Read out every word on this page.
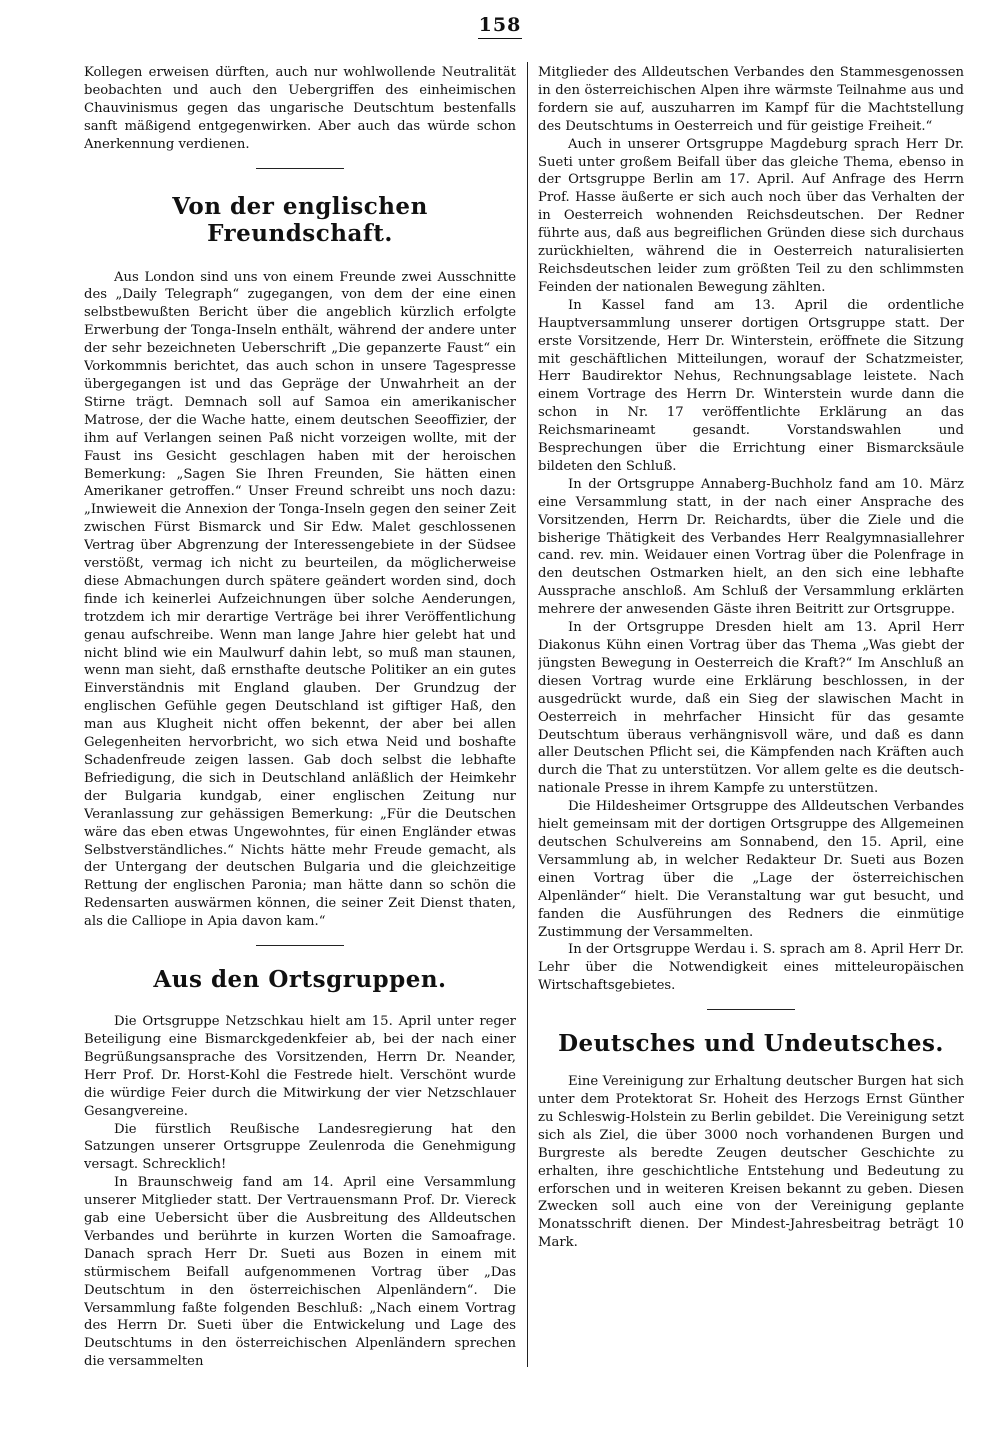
158

Kollegen erweisen dürften, auch nur wohlwollende Neutralität beobachten und auch den Uebergriffen des einheimischen Chauvinismus gegen das ungarische Deutschtum bestenfalls sanft mäßigend entgegenwirken. Aber auch das würde schon Anerkennung verdienen.

Von der englischen Freundschaft.

Aus London sind uns von einem Freunde zwei Ausschnitte des „Daily Telegraph“ zugegangen, von dem der eine einen selbstbewußten Bericht über die angeblich kürzlich erfolgte Erwerbung der Tonga-Inseln enthält, während der andere unter der sehr bezeichneten Ueberschrift „Die gepanzerte Faust“ ein Vorkommnis berichtet, das auch schon in unsere Tagespresse übergegangen ist und das Gepräge der Unwahrheit an der Stirne trägt. Demnach soll auf Samoa ein amerikanischer Matrose, der die Wache hatte, einem deutschen Seeoffizier, der ihm auf Verlangen seinen Paß nicht vorzeigen wollte, mit der Faust ins Gesicht geschlagen haben mit der heroischen Bemerkung: „Sagen Sie Ihren Freunden, Sie hätten einen Amerikaner getroffen.“ Unser Freund schreibt uns noch dazu: „Inwieweit die Annexion der Tonga-Inseln gegen den seiner Zeit zwischen Fürst Bismarck und Sir Edw. Malet geschlossenen Vertrag über Abgrenzung der Interessengebiete in der Südsee verstößt, vermag ich nicht zu beurteilen, da möglicherweise diese Abmachungen durch spätere geändert worden sind, doch finde ich keinerlei Aufzeichnungen über solche Aenderungen, trotzdem ich mir derartige Verträge bei ihrer Veröffentlichung genau aufschreibe. Wenn man lange Jahre hier gelebt hat und nicht blind wie ein Maulwurf dahin lebt, so muß man staunen, wenn man sieht, daß ernsthafte deutsche Politiker an ein gutes Einverständnis mit England glauben. Der Grundzug der englischen Gefühle gegen Deutschland ist giftiger Haß, den man aus Klugheit nicht offen bekennt, der aber bei allen Gelegenheiten hervorbricht, wo sich etwa Neid und boshafte Schadenfreude zeigen lassen. Gab doch selbst die lebhafte Befriedigung, die sich in Deutschland anläßlich der Heimkehr der Bulgaria kundgab, einer englischen Zeitung nur Veranlassung zur gehässigen Bemerkung: „Für die Deutschen wäre das eben etwas Ungewohntes, für einen Engländer etwas Selbstverständliches.“ Nichts hätte mehr Freude gemacht, als der Untergang der deutschen Bulgaria und die gleichzeitige Rettung der englischen Paronia; man hätte dann so schön die Redensarten auswärmen können, die seiner Zeit Dienst thaten, als die Calliope in Apia davon kam.“

Aus den Ortsgruppen.

Die Ortsgruppe Netzschkau hielt am 15. April unter reger Beteiligung eine Bismarckgedenkfeier ab, bei der nach einer Begrüßungsansprache des Vorsitzenden, Herrn Dr. Neander, Herr Prof. Dr. Horst-Kohl die Festrede hielt. Verschönt wurde die würdige Feier durch die Mitwirkung der vier Netzschlauer Gesangvereine.

Die fürstlich Reußische Landesregierung hat den Satzungen unserer Ortsgruppe Zeulenroda die Genehmigung versagt. Schrecklich!

In Braunschweig fand am 14. April eine Versammlung unserer Mitglieder statt. Der Vertrauensmann Prof. Dr. Viereck gab eine Uebersicht über die Ausbreitung des Alldeutschen Verbandes und berührte in kurzen Worten die Samoafrage. Danach sprach Herr Dr. Sueti aus Bozen in einem mit stürmischem Beifall aufgenommenen Vortrag über „Das Deutschtum in den österreichischen Alpenländern“. Die Versammlung faßte folgenden Beschluß: „Nach einem Vortrag des Herrn Dr. Sueti über die Entwickelung und Lage des Deutschtums in den österreichischen Alpenländern sprechen die versammelten

Mitglieder des Alldeutschen Verbandes den Stammesgenossen in den österreichischen Alpen ihre wärmste Teilnahme aus und fordern sie auf, auszuharren im Kampf für die Machtstellung des Deutschtums in Oesterreich und für geistige Freiheit.“

Auch in unserer Ortsgruppe Magdeburg sprach Herr Dr. Sueti unter großem Beifall über das gleiche Thema, ebenso in der Ortsgruppe Berlin am 17. April. Auf Anfrage des Herrn Prof. Hasse äußerte er sich auch noch über das Verhalten der in Oesterreich wohnenden Reichsdeutschen. Der Redner führte aus, daß aus begreiflichen Gründen diese sich durchaus zurückhielten, während die in Oesterreich naturalisierten Reichsdeutschen leider zum größten Teil zu den schlimmsten Feinden der nationalen Bewegung zählten.

In Kassel fand am 13. April die ordentliche Hauptversammlung unserer dortigen Ortsgruppe statt. Der erste Vorsitzende, Herr Dr. Winterstein, eröffnete die Sitzung mit geschäftlichen Mitteilungen, worauf der Schatzmeister, Herr Baudirektor Nehus, Rechnungsablage leistete. Nach einem Vortrage des Herrn Dr. Winterstein wurde dann die schon in Nr. 17 veröffentlichte Erklärung an das Reichsmarineamt gesandt. Vorstandswahlen und Besprechungen über die Errichtung einer Bismarcksäule bildeten den Schluß.

In der Ortsgruppe Annaberg-Buchholz fand am 10. März eine Versammlung statt, in der nach einer Ansprache des Vorsitzenden, Herrn Dr. Reichardts, über die Ziele und die bisherige Thätigkeit des Verbandes Herr Realgymnasiallehrer cand. rev. min. Weidauer einen Vortrag über die Polenfrage in den deutschen Ostmarken hielt, an den sich eine lebhafte Aussprache anschloß. Am Schluß der Versammlung erklärten mehrere der anwesenden Gäste ihren Beitritt zur Ortsgruppe.

In der Ortsgruppe Dresden hielt am 13. April Herr Diakonus Kühn einen Vortrag über das Thema „Was giebt der jüngsten Bewegung in Oesterreich die Kraft?“ Im Anschluß an diesen Vortrag wurde eine Erklärung beschlossen, in der ausgedrückt wurde, daß ein Sieg der slawischen Macht in Oesterreich in mehrfacher Hinsicht für das gesamte Deutschtum überaus verhängnisvoll wäre, und daß es dann aller Deutschen Pflicht sei, die Kämpfenden nach Kräften auch durch die That zu unterstützen. Vor allem gelte es die deutsch-nationale Presse in ihrem Kampfe zu unterstützen.

Die Hildesheimer Ortsgruppe des Alldeutschen Verbandes hielt gemeinsam mit der dortigen Ortsgruppe des Allgemeinen deutschen Schulvereins am Sonnabend, den 15. April, eine Versammlung ab, in welcher Redakteur Dr. Sueti aus Bozen einen Vortrag über die „Lage der österreichischen Alpenländer“ hielt. Die Veranstaltung war gut besucht, und fanden die Ausführungen des Redners die einmütige Zustimmung der Versammelten.

In der Ortsgruppe Werdau i. S. sprach am 8. April Herr Dr. Lehr über die Notwendigkeit eines mitteleuropäischen Wirtschaftsgebietes.

Deutsches und Undeutsches.

Eine Vereinigung zur Erhaltung deutscher Burgen hat sich unter dem Protektorat Sr. Hoheit des Herzogs Ernst Günther zu Schleswig-Holstein zu Berlin gebildet. Die Vereinigung setzt sich als Ziel, die über 3000 noch vorhandenen Burgen und Burgreste als beredte Zeugen deutscher Geschichte zu erhalten, ihre geschichtliche Entstehung und Bedeutung zu erforschen und in weiteren Kreisen bekannt zu geben. Diesen Zwecken soll auch eine von der Vereinigung geplante Monatsschrift dienen. Der Mindest-Jahresbeitrag beträgt 10 Mark.
